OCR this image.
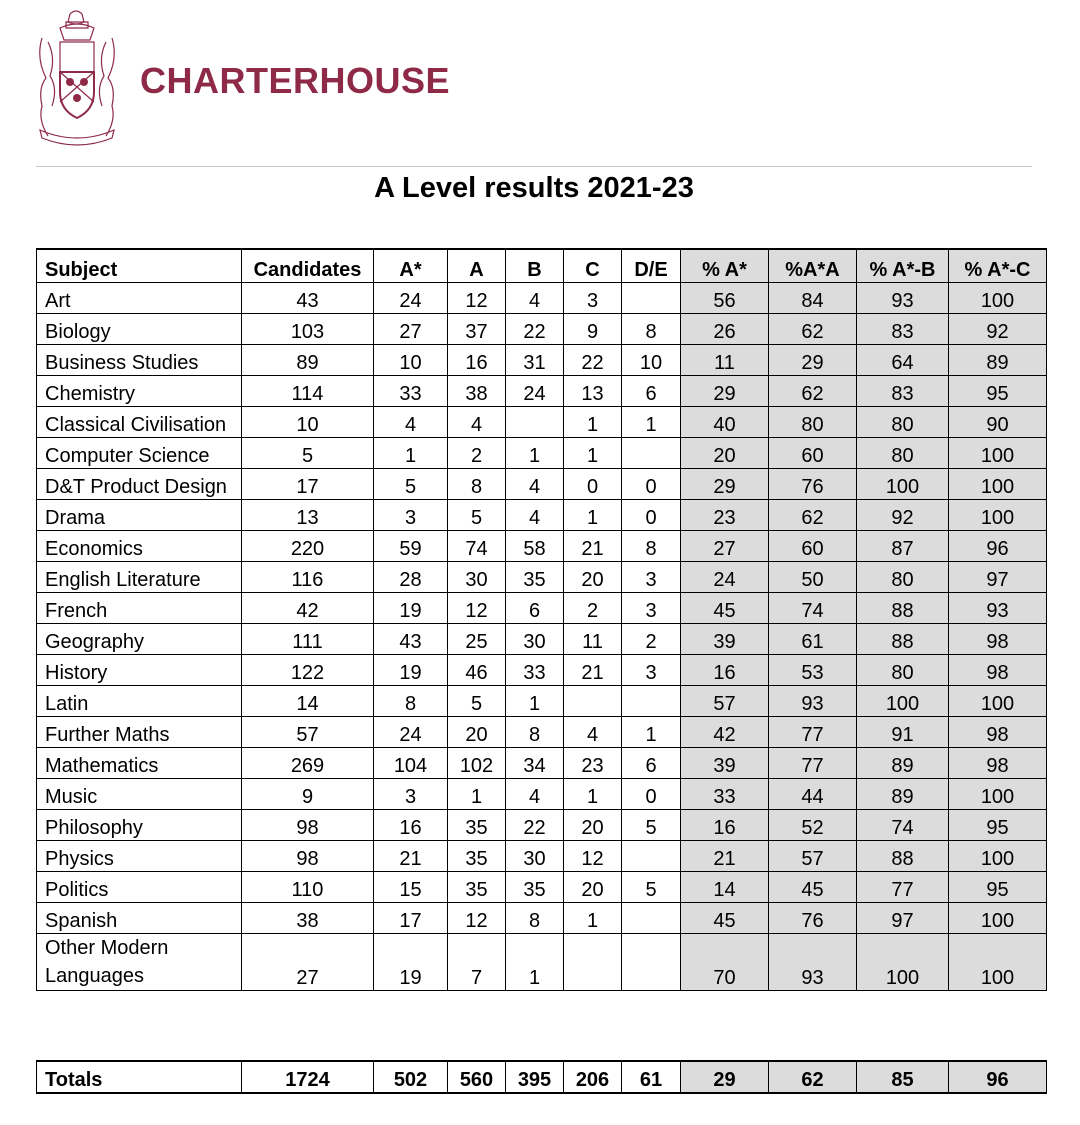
CHARTERHOUSE
A Level results 2021-23
Subject	Candidates	A*	A	B	C	D/E	% A*	%A*A	% A*-B	% A*-C
Art	43	24	12	4	3		56	84	93	100
Biology	103	27	37	22	9	8	26	62	83	92
Business Studies	89	10	16	31	22	10	11	29	64	89
Chemistry	114	33	38	24	13	6	29	62	83	95
Classical Civilisation	10	4	4		1	1	40	80	80	90
Computer Science	5	1	2	1	1		20	60	80	100
D&T Product Design	17	5	8	4	0	0	29	76	100	100
Drama	13	3	5	4	1	0	23	62	92	100
Economics	220	59	74	58	21	8	27	60	87	96
English Literature	116	28	30	35	20	3	24	50	80	97
French	42	19	12	6	2	3	45	74	88	93
Geography	111	43	25	30	11	2	39	61	88	98
History	122	19	46	33	21	3	16	53	80	98
Latin	14	8	5	1			57	93	100	100
Further Maths	57	24	20	8	4	1	42	77	91	98
Mathematics	269	104	102	34	23	6	39	77	89	98
Music	9	3	1	4	1	0	33	44	89	100
Philosophy	98	16	35	22	20	5	16	52	74	95
Physics	98	21	35	30	12		21	57	88	100
Politics	110	15	35	35	20	5	14	45	77	95
Spanish	38	17	12	8	1		45	76	97	100
Other Modern Languages	27	19	7	1			70	93	100	100
Totals	1724	502	560	395	206	61	29	62	85	96
